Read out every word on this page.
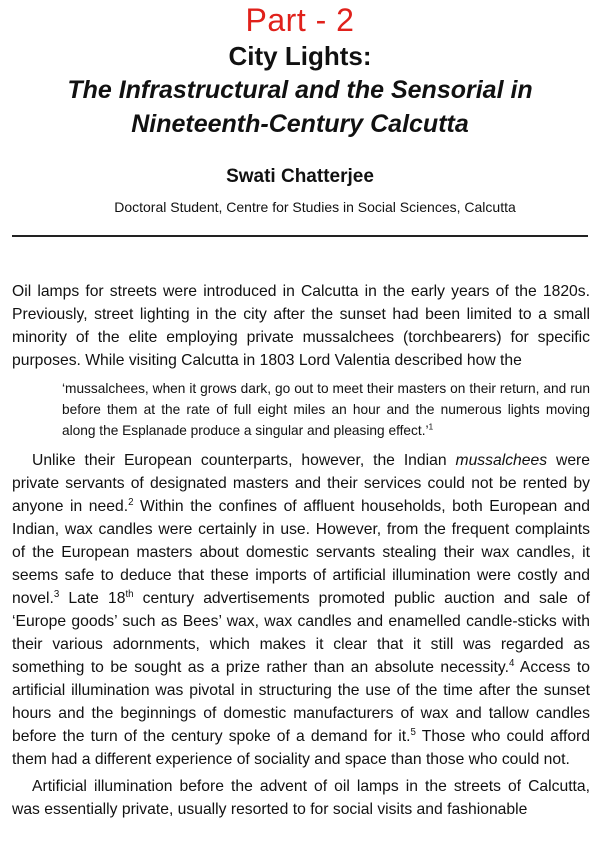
Part - 2
City Lights:
The Infrastructural and the Sensorial in
Nineteenth-Century Calcutta
Swati Chatterjee
Doctoral Student, Centre for Studies in Social Sciences, Calcutta

Oil lamps for streets were introduced in Calcutta in the early years of the 1820s. Previously, street lighting in the city after the sunset had been limited to a small minority of the elite employing private mussalchees (torchbearers) for specific purposes. While visiting Calcutta in 1803 Lord Valentia described how the

‘mussalchees, when it grows dark, go out to meet their masters on their return, and run before them at the rate of full eight miles an hour and the numerous lights moving along the Esplanade produce a singular and pleasing effect.’$^1$

Unlike their European counterparts, however, the Indian mussalchees were private servants of designated masters and their services could not be rented by anyone in need.$^2$ Within the confines of affluent households, both European and Indian, wax candles were certainly in use. However, from the frequent complaints of the European masters about domestic servants stealing their wax candles, it seems safe to deduce that these imports of artificial illumination were costly and novel.$^3$ Late 18th century advertisements promoted public auction and sale of ‘Europe goods’ such as Bees’ wax, wax candles and enamelled candle-sticks with their various adornments, which makes it clear that it still was regarded as something to be sought as a prize rather than an absolute necessity.$^4$ Access to artificial illumination was pivotal in structuring the use of the time after the sunset hours and the beginnings of domestic manufacturers of wax and tallow candles before the turn of the century spoke of a demand for it.$^5$ Those who could afford them had a different experience of sociality and space than those who could not.

Artificial illumination before the advent of oil lamps in the streets of Calcutta, was essentially private, usually resorted to for social visits and fashionable
